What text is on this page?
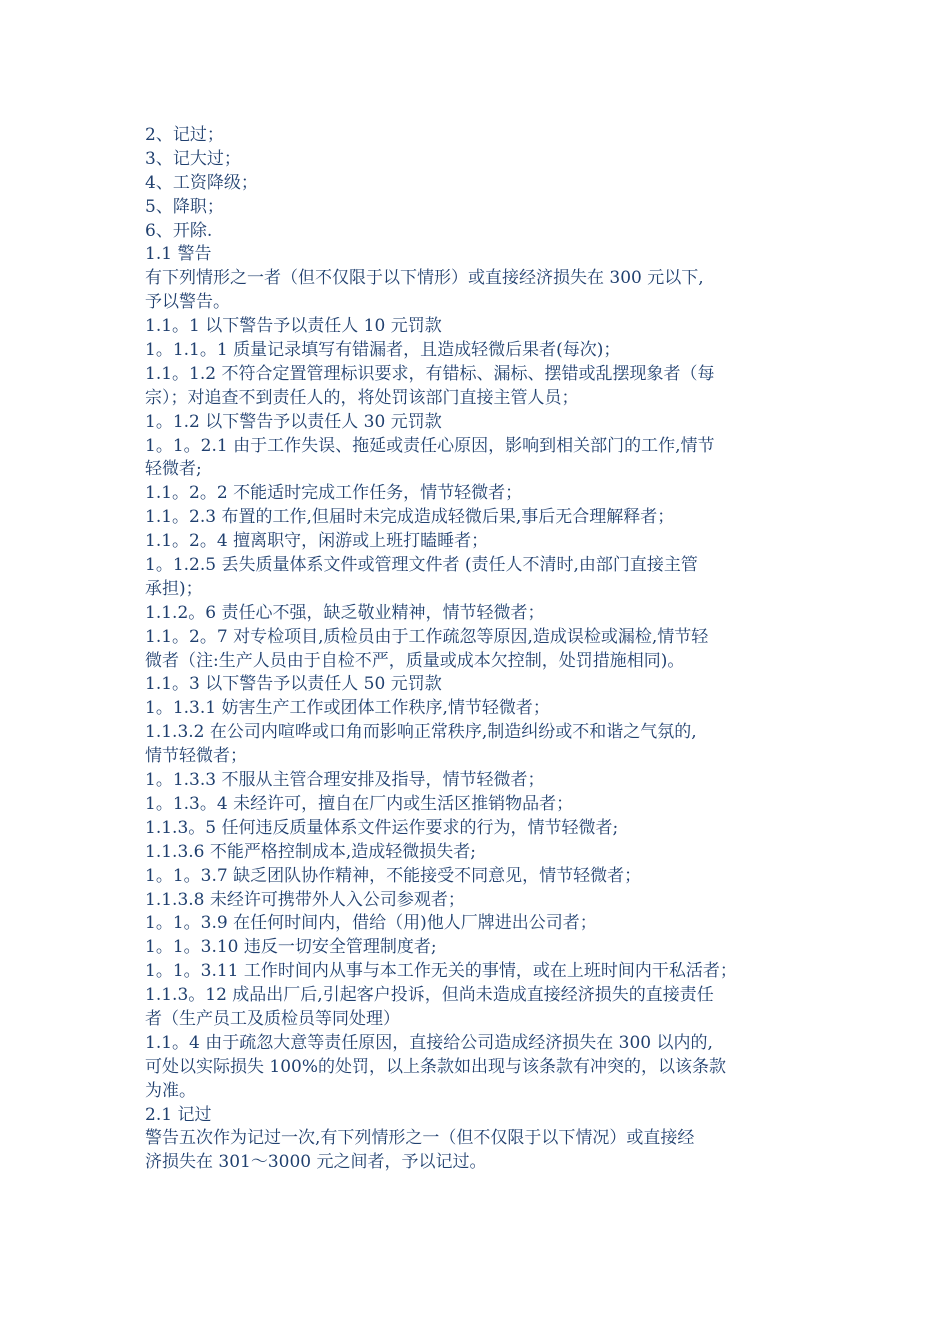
2、记过；
3、记大过；
4、工资降级；
5、降职；
6、开除.
1.1 警告
有下列情形之一者（但不仅限于以下情形）或直接经济损失在 300 元以下,
予以警告。
1.1。1 以下警告予以责任人 10 元罚款
1。1.1。1 质量记录填写有错漏者，且造成轻微后果者(每次)；
1.1。1.2 不符合定置管理标识要求，有错标、漏标、摆错或乱摆现象者（每
宗）；对追查不到责任人的，将处罚该部门直接主管人员；
1。1.2 以下警告予以责任人 30 元罚款
1。1。2.1 由于工作失误、拖延或责任心原因，影响到相关部门的工作,情节
轻微者;
1.1。2。2 不能适时完成工作任务，情节轻微者；
1.1。2.3 布置的工作,但届时未完成造成轻微后果,事后无合理解释者；
1.1。2。4 擅离职守，闲游或上班打瞌睡者；
1。1.2.5 丢失质量体系文件或管理文件者 (责任人不清时,由部门直接主管
承担)；
1.1.2。6 责任心不强，缺乏敬业精神，情节轻微者；
1.1。2。7 对专检项目,质检员由于工作疏忽等原因,造成误检或漏检,情节轻
微者（注:生产人员由于自检不严，质量或成本欠控制，处罚措施相同)。
1.1。3 以下警告予以责任人 50 元罚款
1。1.3.1 妨害生产工作或团体工作秩序,情节轻微者；
1.1.3.2 在公司内喧哗或口角而影响正常秩序,制造纠纷或不和谐之气氛的,
情节轻微者；
1。1.3.3 不服从主管合理安排及指导，情节轻微者；
1。1.3。4 未经许可，擅自在厂内或生活区推销物品者；
1.1.3。5 任何违反质量体系文件运作要求的行为，情节轻微者;
1.1.3.6 不能严格控制成本,造成轻微损失者;
1。1。3.7 缺乏团队协作精神，不能接受不同意见，情节轻微者；
1.1.3.8 未经许可携带外人入公司参观者；
1。1。3.9 在任何时间内，借给（用)他人厂牌进出公司者；
1。1。3.10 违反一切安全管理制度者;
1。1。3.11 工作时间内从事与本工作无关的事情，或在上班时间内干私活者；
1.1.3。12 成品出厂后,引起客户投诉，但尚未造成直接经济损失的直接责任
者（生产员工及质检员等同处理）
1.1。4 由于疏忽大意等责任原因，直接给公司造成经济损失在 300 以内的,
可处以实际损失 100%的处罚，以上条款如出现与该条款有冲突的，以该条款
为准。
2.1 记过
警告五次作为记过一次,有下列情形之一（但不仅限于以下情况）或直接经
济损失在 301～3000 元之间者，予以记过。
